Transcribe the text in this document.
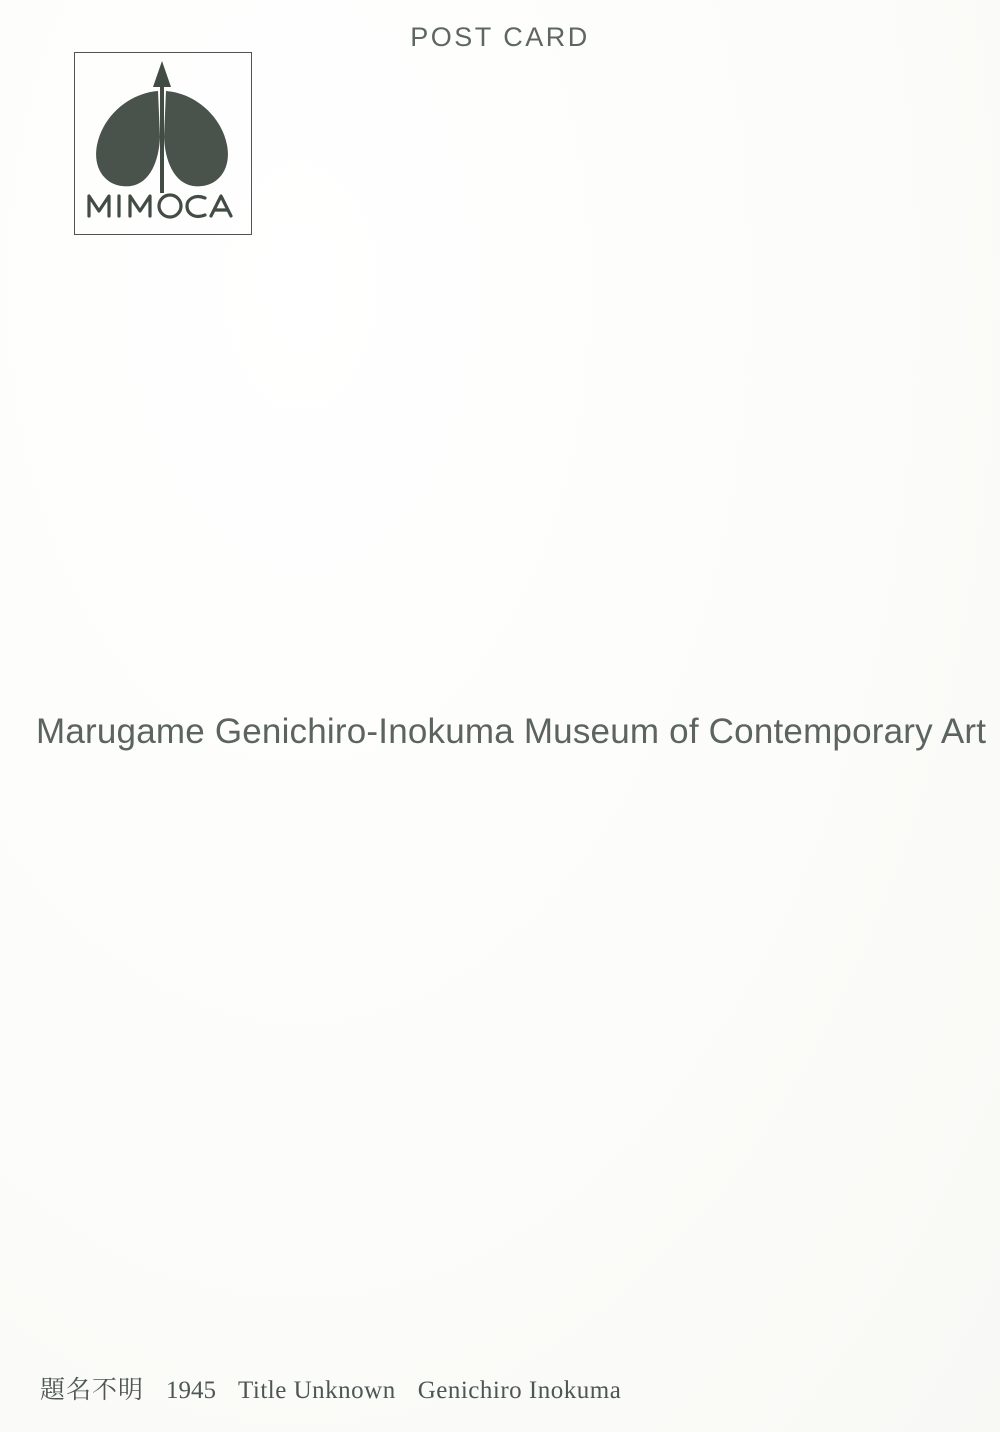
POST CARD
Marugame Genichiro-Inokuma Museum of Contemporary Art
題名不明 1945 Title Unknown Genichiro Inokuma
